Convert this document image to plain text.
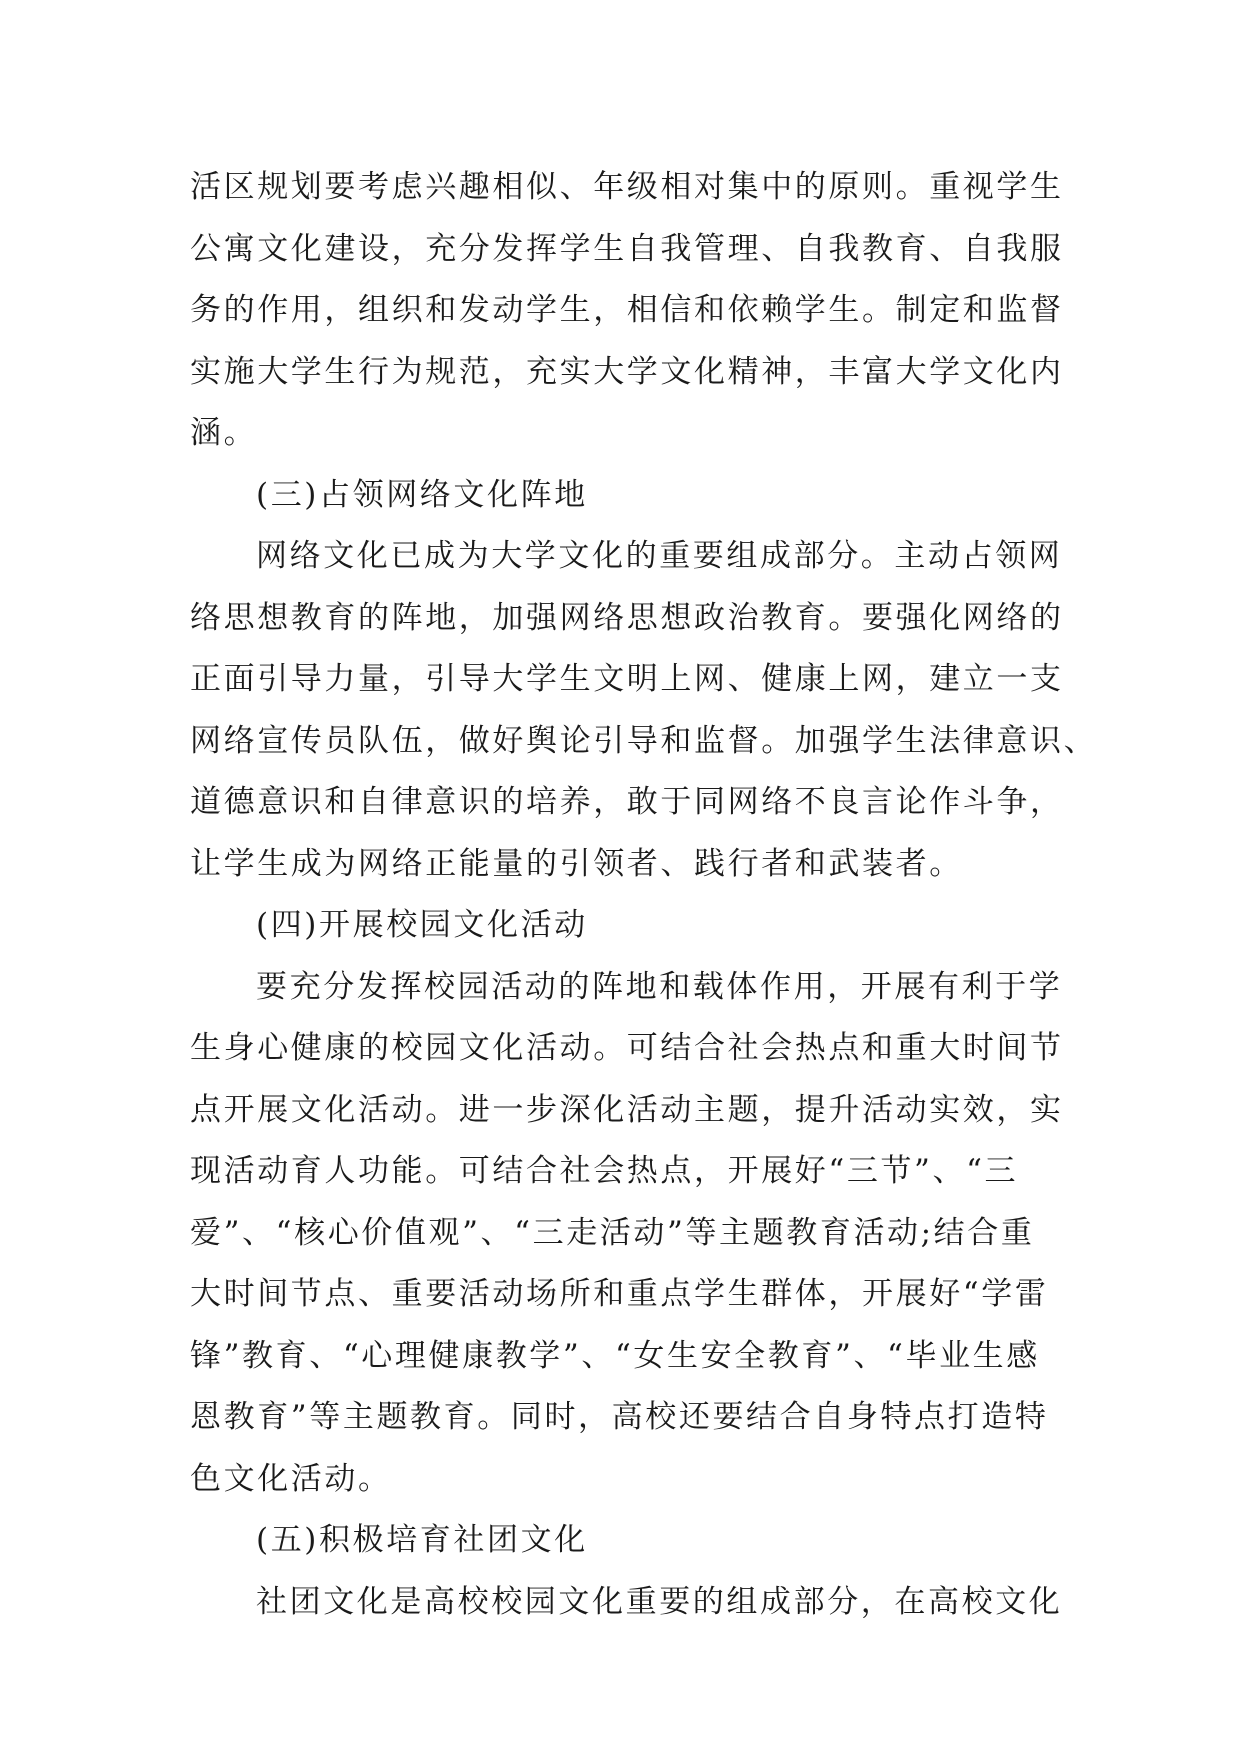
活区规划要考虑兴趣相似、年级相对集中的原则。重视学生
公寓文化建设，充分发挥学生自我管理、自我教育、自我服
务的作用，组织和发动学生，相信和依赖学生。制定和监督
实施大学生行为规范，充实大学文化精神，丰富大学文化内
涵。
(三)占领网络文化阵地
网络文化已成为大学文化的重要组成部分。主动占领网
络思想教育的阵地，加强网络思想政治教育。要强化网络的
正面引导力量，引导大学生文明上网、健康上网，建立一支
网络宣传员队伍，做好舆论引导和监督。加强学生法律意识、
道德意识和自律意识的培养，敢于同网络不良言论作斗争，
让学生成为网络正能量的引领者、践行者和武装者。
(四)开展校园文化活动
要充分发挥校园活动的阵地和载体作用，开展有利于学
生身心健康的校园文化活动。可结合社会热点和重大时间节
点开展文化活动。进一步深化活动主题，提升活动实效，实
现活动育人功能。可结合社会热点，开展好“三节”、“三
爱”、“核心价值观”、“三走活动”等主题教育活动;结合重
大时间节点、重要活动场所和重点学生群体，开展好“学雷
锋”教育、“心理健康教学”、“女生安全教育”、“毕业生感
恩教育”等主题教育。同时，高校还要结合自身特点打造特
色文化活动。
(五)积极培育社团文化
社团文化是高校校园文化重要的组成部分，在高校文化
